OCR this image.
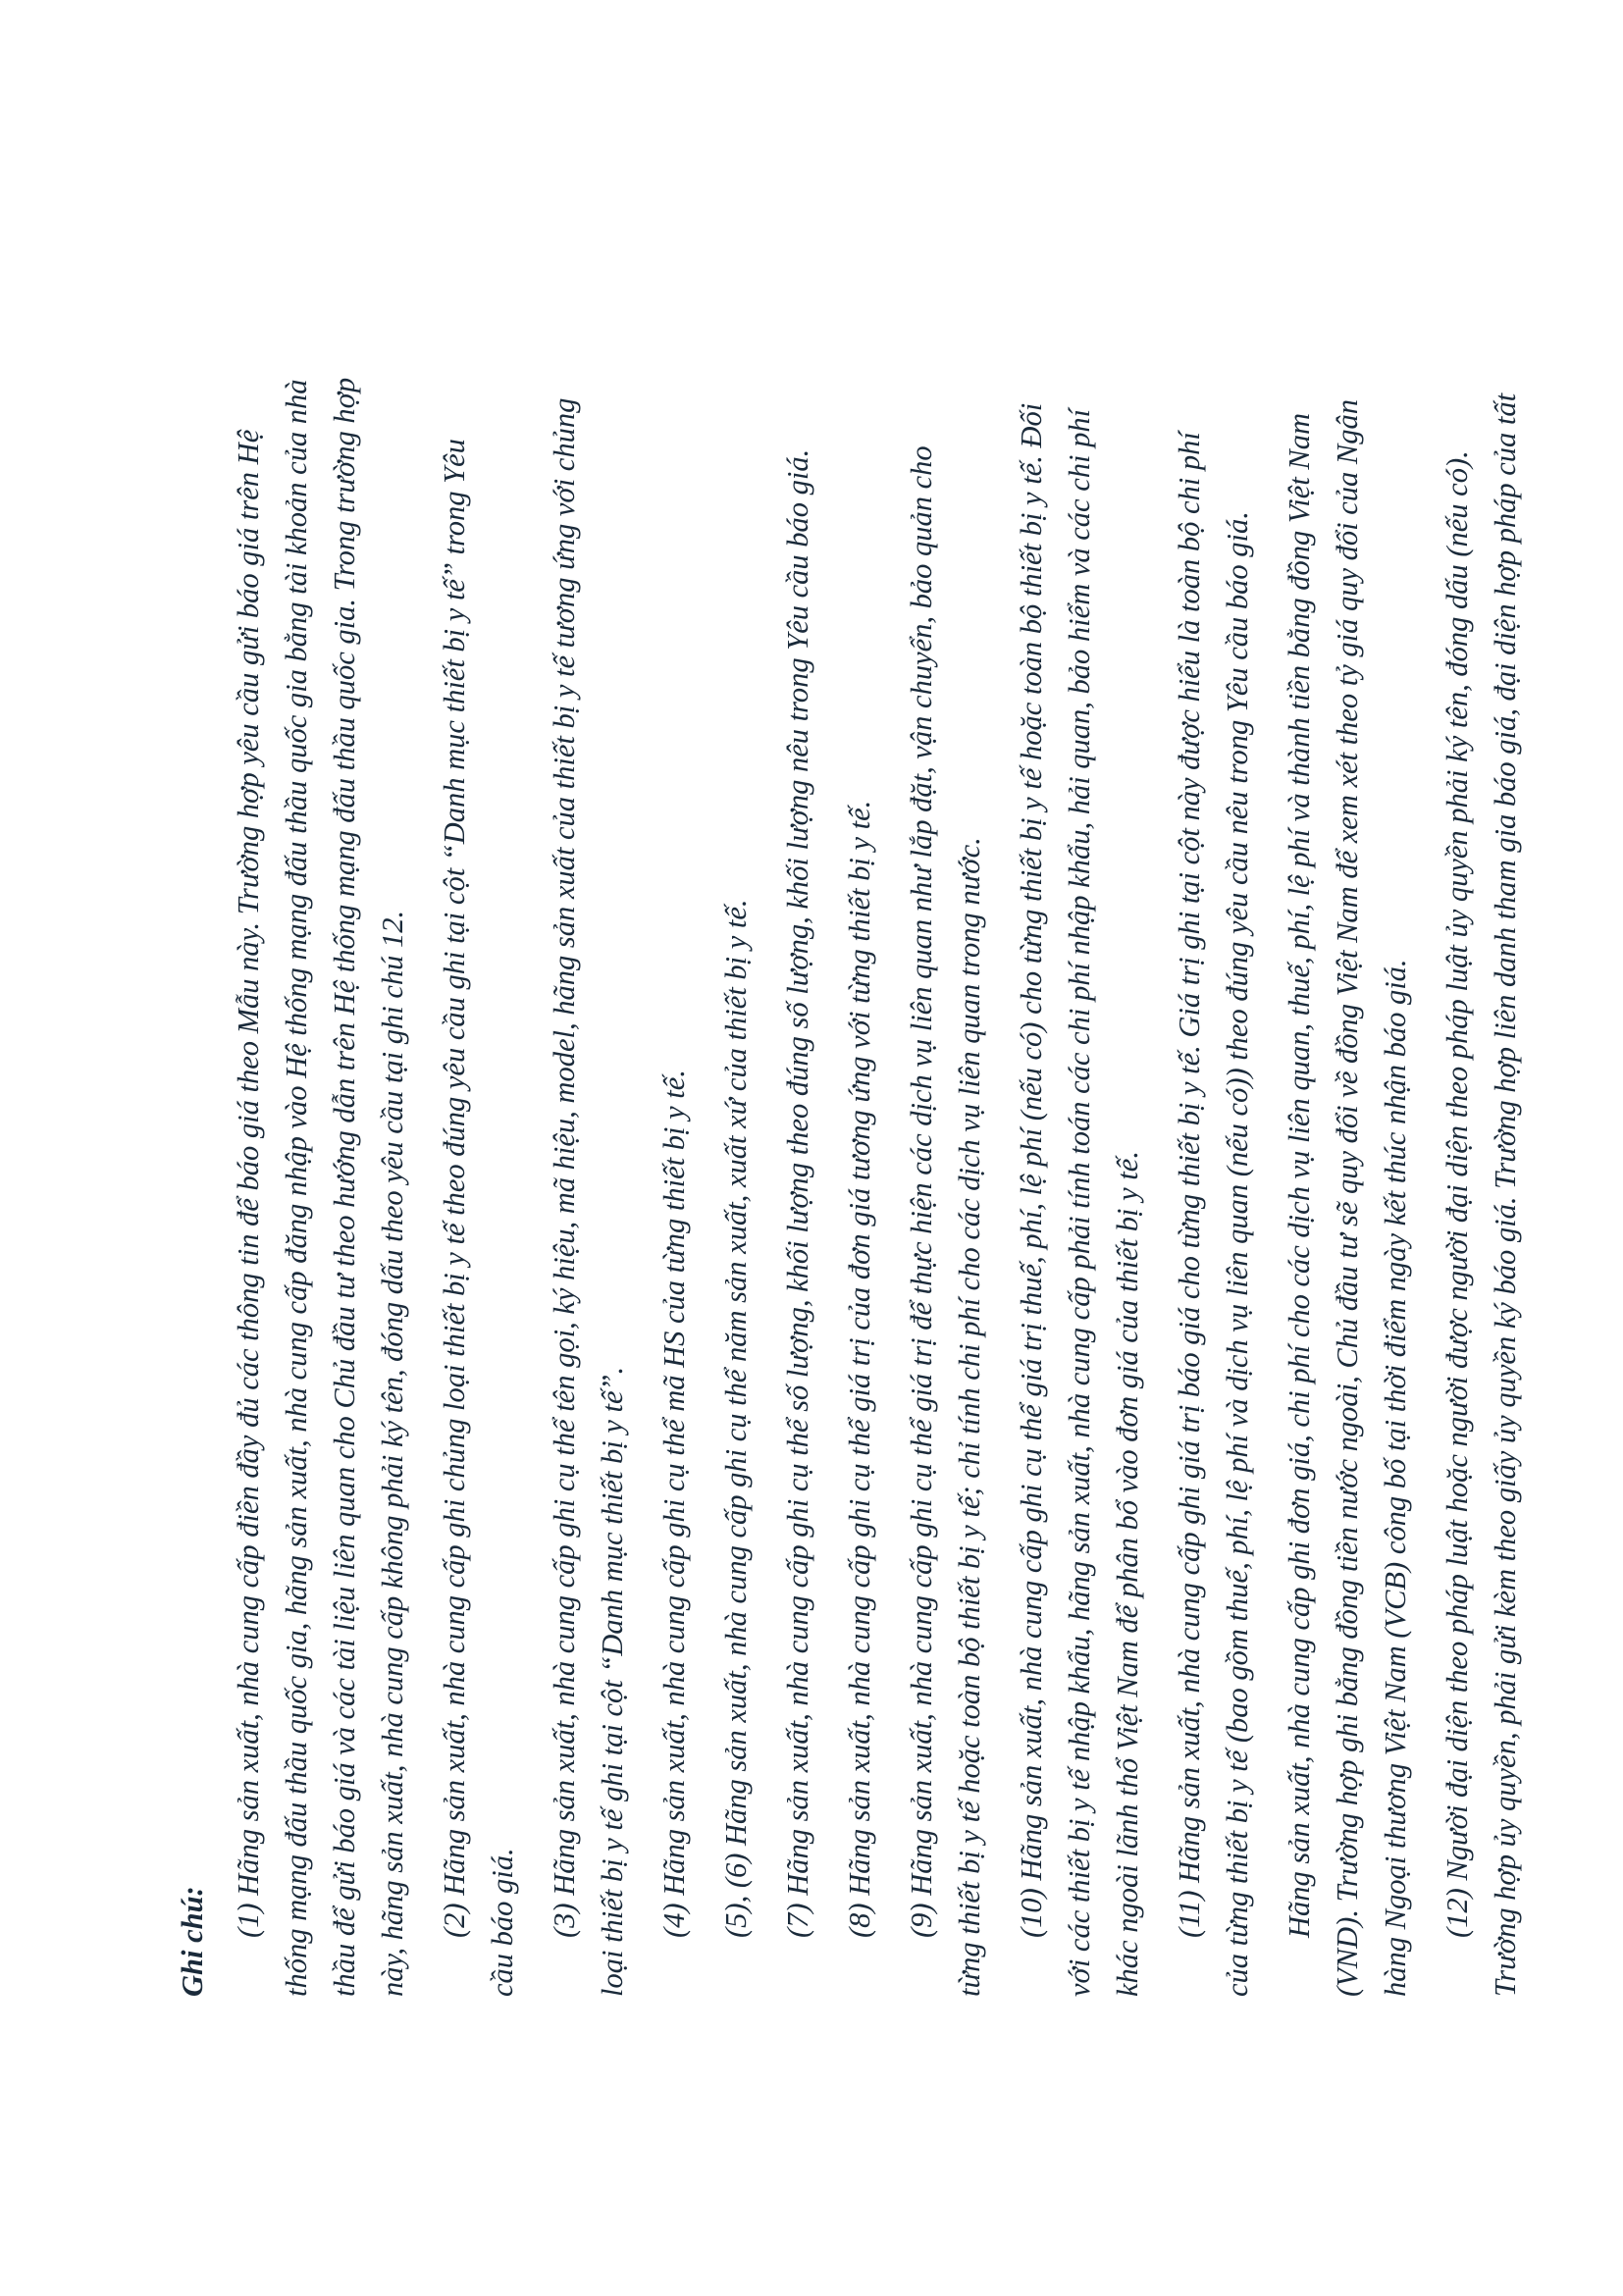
Ghi chú:
(1) Hãng sản xuất, nhà cung cấp điền đầy đủ các thông tin để báo giá theo Mẫu này. Trường hợp yêu cầu gửi báo giá trên Hệ thống mạng đấu thầu quốc gia, hãng sản xuất, nhà cung cấp đăng nhập vào Hệ thống mạng đấu thầu quốc gia bằng tài khoản của nhà thầu để gửi báo giá và các tài liệu liên quan cho Chủ đầu tư theo hướng dẫn trên Hệ thống mạng đấu thầu quốc gia. Trong trường hợp này, hãng sản xuất, nhà cung cấp không phải ký tên, đóng dấu theo yêu cầu tại ghi chú 12. (2) Hãng sản xuất, nhà cung cấp ghi chủng loại thiết bị y tế theo đúng yêu cầu ghi tại cột “Danh mục thiết bị y tế” trong Yêu cầu báo giá. (3) Hãng sản xuất, nhà cung cấp ghi cụ thể tên gọi, ký hiệu, mã hiệu, model, hãng sản xuất của thiết bị y tế tương ứng với chủng loại thiết bị y tế ghi tại cột “Danh mục thiết bị y tế”. (4) Hãng sản xuất, nhà cung cấp ghi cụ thể mã HS của từng thiết bị y tế. (5), (6) Hãng sản xuất, nhà cung cấp ghi cụ thể năm sản xuất, xuất xứ của thiết bị y tế. (7) Hãng sản xuất, nhà cung cấp ghi cụ thể số lượng, khối lượng theo đúng số lượng, khối lượng nêu trong Yêu cầu báo giá. (8) Hãng sản xuất, nhà cung cấp ghi cụ thể giá trị của đơn giá tương ứng với từng thiết bị y tế. (9) Hãng sản xuất, nhà cung cấp ghi cụ thể giá trị để thực hiện các dịch vụ liên quan như lắp đặt, vận chuyển, bảo quản cho từng thiết bị y tế hoặc toàn bộ thiết bị y tế; chỉ tính chi phí cho các dịch vụ liên quan trong nước. (10) Hãng sản xuất, nhà cung cấp ghi cụ thể giá trị thuế, phí, lệ phí (nếu có) cho từng thiết bị y tế hoặc toàn bộ thiết bị y tế. Đối với các thiết bị y tế nhập khẩu, hãng sản xuất, nhà cung cấp phải tính toán các chi phí nhập khẩu, hải quan, bảo hiểm và các chi phí khác ngoài lãnh thổ Việt Nam để phân bổ vào đơn giá của thiết bị y tế. (11) Hãng sản xuất, nhà cung cấp ghi giá trị báo giá cho từng thiết bị y tế. Giá trị ghi tại cột này được hiểu là toàn bộ chi phí của từng thiết bị y tế (bao gồm thuế, phí, lệ phí và dịch vụ liên quan (nếu có)) theo đúng yêu cầu nêu trong Yêu cầu báo giá. Hãng sản xuất, nhà cung cấp ghi đơn giá, chi phí cho các dịch vụ liên quan, thuế, phí, lệ phí và thành tiền bằng đồng Việt Nam (VND). Trường hợp ghi bằng đồng tiền nước ngoài, Chủ đầu tư sẽ quy đổi về đồng Việt Nam để xem xét theo tỷ giá quy đổi của Ngân hàng Ngoại thương Việt Nam (VCB) công bố tại thời điểm ngày kết thúc nhận báo giá. (12) Người đại diện theo pháp luật hoặc người được người đại diện theo pháp luật ủy quyền phải ký tên, đóng dấu (nếu có). Trường hợp ủy quyền, phải gửi kèm theo giấy ủy quyền ký báo giá. Trường hợp liên danh tham gia báo giá, đại diện hợp pháp của tất
